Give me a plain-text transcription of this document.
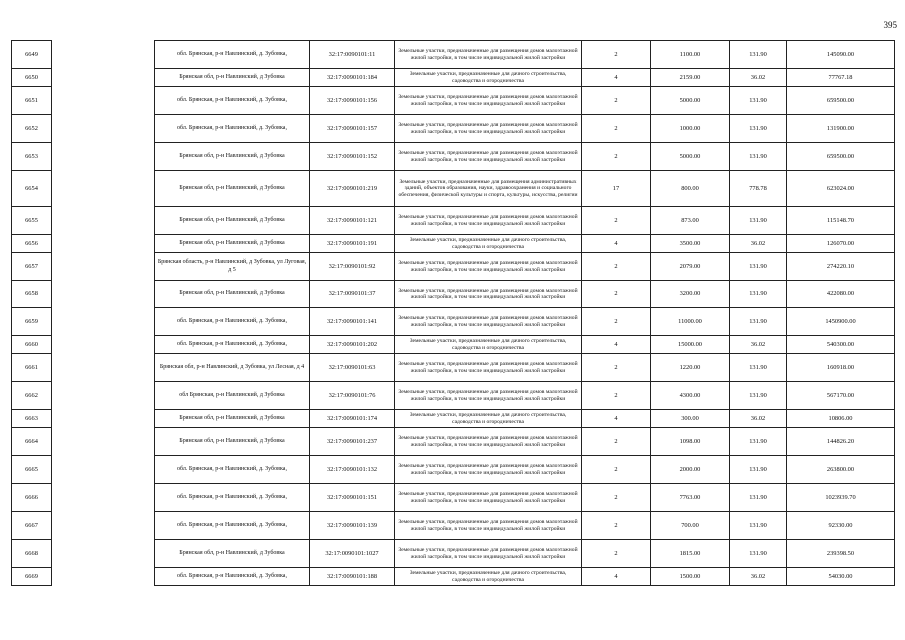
395
6649		обл. Брянская, р-н Навлинский, д. Зубовка,	32:17:0090101:11	Земельные участки, предназначенные для размещения домов малоэтажной жилой застройки, в том числе индивидуальной жилой застройки	2	1100.00	131.90	145090.00
6650		Брянская обл, р-н Навлинский, д Зубовка	32:17:0090101:184	Земельные участки, предназначенные для дачного строительства, садоводства и огородничества	4	2159.00	36.02	77767.18
6651		обл. Брянская, р-н Навлинский, д. Зубовка,	32:17:0090101:156	Земельные участки, предназначенные для размещения домов малоэтажной жилой застройки, в том числе индивидуальной жилой застройки	2	5000.00	131.90	659500.00
6652		обл. Брянская, р-н Навлинский, д. Зубовка,	32:17:0090101:157	Земельные участки, предназначенные для размещения домов малоэтажной жилой застройки, в том числе индивидуальной жилой застройки	2	1000.00	131.90	131900.00
6653		Брянская обл, р-н Навлинский, д Зубовка	32:17:0090101:152	Земельные участки, предназначенные для размещения домов малоэтажной жилой застройки, в том числе индивидуальной жилой застройки	2	5000.00	131.90	659500.00
6654		Брянская обл, р-н Навлинский, д Зубовка	32:17:0090101:219	Земельные участки, предназначенные для размещения административных зданий, объектов образования, науки, здравоохранения и социального обеспечения, физической культуры и спорта, культуры, искусства, религии	17	800.00	778.78	623024.00
6655		Брянская обл, р-н Навлинский, д Зубовка	32:17:0090101:121	Земельные участки, предназначенные для размещения домов малоэтажной жилой застройки, в том числе индивидуальной жилой застройки	2	873.00	131.90	115148.70
6656		Брянская обл, р-н Навлинский, д Зубовка	32:17:0090101:191	Земельные участки, предназначенные для дачного строительства, садоводства и огородничества	4	3500.00	36.02	126070.00
6657		Брянская область, р-н Навлинский, д Зубовка, ул Луговая, д 5	32:17:0090101:92	Земельные участки, предназначенные для размещения домов малоэтажной жилой застройки, в том числе индивидуальной жилой застройки	2	2079.00	131.90	274220.10
6658		Брянская обл, р-н Навлинский, д Зубовка	32:17:0090101:37	Земельные участки, предназначенные для размещения домов малоэтажной жилой застройки, в том числе индивидуальной жилой застройки	2	3200.00	131.90	422080.00
6659		обл. Брянская, р-н Навлинский, д. Зубовка,	32:17:0090101:141	Земельные участки, предназначенные для размещения домов малоэтажной жилой застройки, в том числе индивидуальной жилой застройки	2	11000.00	131.90	1450900.00
6660		обл. Брянская, р-н Навлинский, д. Зубовка,	32:17:0090101:202	Земельные участки, предназначенные для дачного строительства, садоводства и огородничества	4	15000.00	36.02	540300.00
6661		Брянская обл, р-н Навлинский, д Зубовка, ул Лесная, д 4	32:17:0090101:63	Земельные участки, предназначенные для размещения домов малоэтажной жилой застройки, в том числе индивидуальной жилой застройки	2	1220.00	131.90	160918.00
6662		обл Брянская, р-н Навлинский, д Зубовка	32:17:0090101:76	Земельные участки, предназначенные для размещения домов малоэтажной жилой застройки, в том числе индивидуальной жилой застройки	2	4300.00	131.90	567170.00
6663		Брянская обл, р-н Навлинский, д Зубовка	32:17:0090101:174	Земельные участки, предназначенные для дачного строительства, садоводства и огородничества	4	300.00	36.02	10806.00
6664		Брянская обл, р-н Навлинский, д Зубовка	32:17:0090101:237	Земельные участки, предназначенные для размещения домов малоэтажной жилой застройки, в том числе индивидуальной жилой застройки	2	1098.00	131.90	144826.20
6665		обл. Брянская, р-н Навлинский, д. Зубовка,	32:17:0090101:132	Земельные участки, предназначенные для размещения домов малоэтажной жилой застройки, в том числе индивидуальной жилой застройки	2	2000.00	131.90	263800.00
6666		обл. Брянская, р-н Навлинский, д. Зубовка,	32:17:0090101:151	Земельные участки, предназначенные для размещения домов малоэтажной жилой застройки, в том числе индивидуальной жилой застройки	2	7763.00	131.90	1023939.70
6667		обл. Брянская, р-н Навлинский, д. Зубовка,	32:17:0090101:139	Земельные участки, предназначенные для размещения домов малоэтажной жилой застройки, в том числе индивидуальной жилой застройки	2	700.00	131.90	92330.00
6668		Брянская обл, р-н Навлинский, д Зубовка	32:17:0090101:1027	Земельные участки, предназначенные для размещения домов малоэтажной жилой застройки, в том числе индивидуальной жилой застройки	2	1815.00	131.90	239398.50
6669		обл. Брянская, р-н Навлинский, д. Зубовка,	32:17:0090101:188	Земельные участки, предназначенные для дачного строительства, садоводства и огородничества	4	1500.00	36.02	54030.00
